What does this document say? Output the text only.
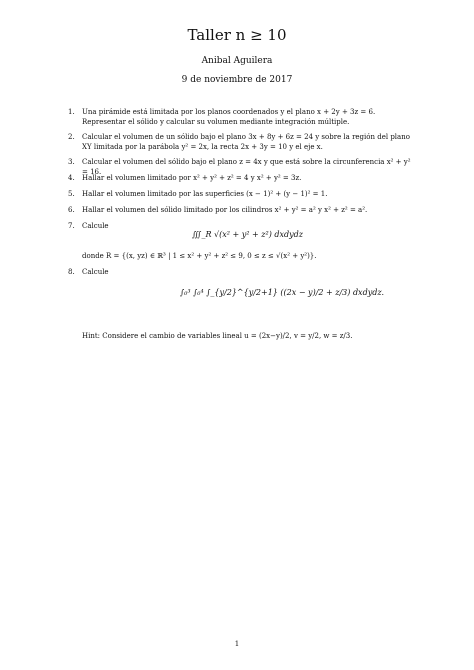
Taller n ≥ 10
Anibal Aguilera
9 de noviembre de 2017
1. Una pirámide está limitada por los planos coordenados y el plano x + 2y + 3z = 6. Representar el sólido y calcular su volumen mediante integración múltiple.
2. Calcular el volumen de un sólido bajo el plano 3x + 8y + 6z = 24 y sobre la región del plano XY limitada por la parábola y² = 2x, la recta 2x + 3y = 10 y el eje x.
3. Calcular el volumen del sólido bajo el plano z = 4x y que está sobre la circunferencia x² + y² = 16.
4. Hallar el volumen limitado por x² + y² + z² = 4 y x² + y² = 3z.
5. Hallar el volumen limitado por las superficies (x − 1)² + (y − 1)² = 1.
6. Hallar el volumen del sólido limitado por los cilindros x² + y² = a² y x² + z² = a².
7. Calcule
∭_R √(x² + y² + z²) dxdydz
donde R = {(x, yz) ∈ ℝ³ | 1 ≤ x² + y² + z² ≤ 9, 0 ≤ z ≤ √(x² + y²)}.
8. Calcule
∫₀³ ∫₀⁴ ∫_{y/2}^{y/2+1} ((2x − y)/2 + z/3) dxdydz.
Hint: Considere el cambio de variables lineal u = (2x−y)/2, v = y/2, w = z/3.
1
